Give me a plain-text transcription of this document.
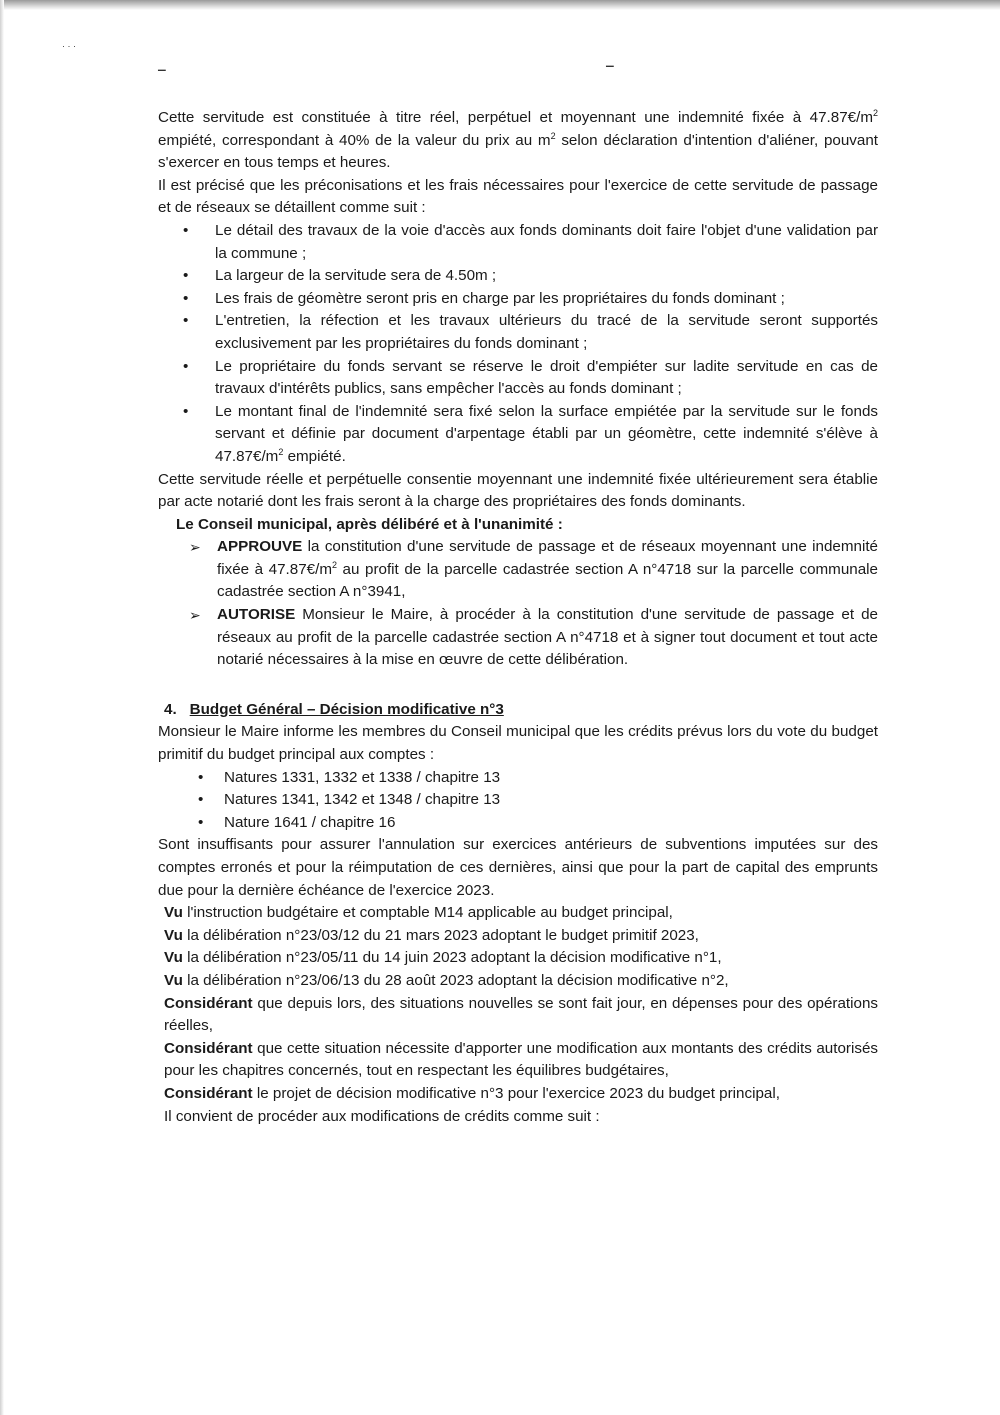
· · ·
‒	‒

Cette servitude est constituée à titre réel, perpétuel et moyennant une indemnité fixée à $47.87€/m^2$ empiété, correspondant à 40% de la valeur du prix au $m^2$ selon déclaration d'intention d'aliéner, pouvant s'exercer en tous temps et heures.

Il est précisé que les préconisations et les frais nécessaires pour l'exercice de cette servitude de passage et de réseaux se détaillent comme suit :

• Le détail des travaux de la voie d'accès aux fonds dominants doit faire l'objet d'une validation par la commune ;
• La largeur de la servitude sera de 4.50m ;
• Les frais de géomètre seront pris en charge par les propriétaires du fonds dominant ;
• L'entretien, la réfection et les travaux ultérieurs du tracé de la servitude seront supportés exclusivement par les propriétaires du fonds dominant ;
• Le propriétaire du fonds servant se réserve le droit d'empiéter sur ladite servitude en cas de travaux d'intérêts publics, sans empêcher l'accès au fonds dominant ;
• Le montant final de l'indemnité sera fixé selon la surface empiétée par la servitude sur le fonds servant et définie par document d'arpentage établi par un géomètre, cette indemnité s'élève à $47.87€/m^2$ empiété.

Cette servitude réelle et perpétuelle consentie moyennant une indemnité fixée ultérieurement sera établie par acte notarié dont les frais seront à la charge des propriétaires des fonds dominants.

Le Conseil municipal, après délibéré et à l'unanimité :

➢ APPROUVE la constitution d'une servitude de passage et de réseaux moyennant une indemnité fixée à $47.87€/m^2$ au profit de la parcelle cadastrée section A n°4718 sur la parcelle communale cadastrée section A n°3941,
➢ AUTORISE Monsieur le Maire, à procéder à la constitution d'une servitude de passage et de réseaux au profit de la parcelle cadastrée section A n°4718 et à signer tout document et tout acte notarié nécessaires à la mise en œuvre de cette délibération.

4. Budget Général – Décision modificative n°3

Monsieur le Maire informe les membres du Conseil municipal que les crédits prévus lors du vote du budget primitif du budget principal aux comptes :

• Natures 1331, 1332 et 1338 / chapitre 13
• Natures 1341, 1342 et 1348 / chapitre 13
• Nature 1641 / chapitre 16

Sont insuffisants pour assurer l'annulation sur exercices antérieurs de subventions imputées sur des comptes erronés et pour la réimputation de ces dernières, ainsi que pour la part de capital des emprunts due pour la dernière échéance de l'exercice 2023.

Vu l'instruction budgétaire et comptable M14 applicable au budget principal,

Vu la délibération n°23/03/12 du 21 mars 2023 adoptant le budget primitif 2023,

Vu la délibération n°23/05/11 du 14 juin 2023 adoptant la décision modificative n°1,

Vu la délibération n°23/06/13 du 28 août 2023 adoptant la décision modificative n°2,

Considérant que depuis lors, des situations nouvelles se sont fait jour, en dépenses pour des opérations réelles,

Considérant que cette situation nécessite d'apporter une modification aux montants des crédits autorisés pour les chapitres concernés, tout en respectant les équilibres budgétaires,

Considérant le projet de décision modificative n°3 pour l'exercice 2023 du budget principal,

Il convient de procéder aux modifications de crédits comme suit :
